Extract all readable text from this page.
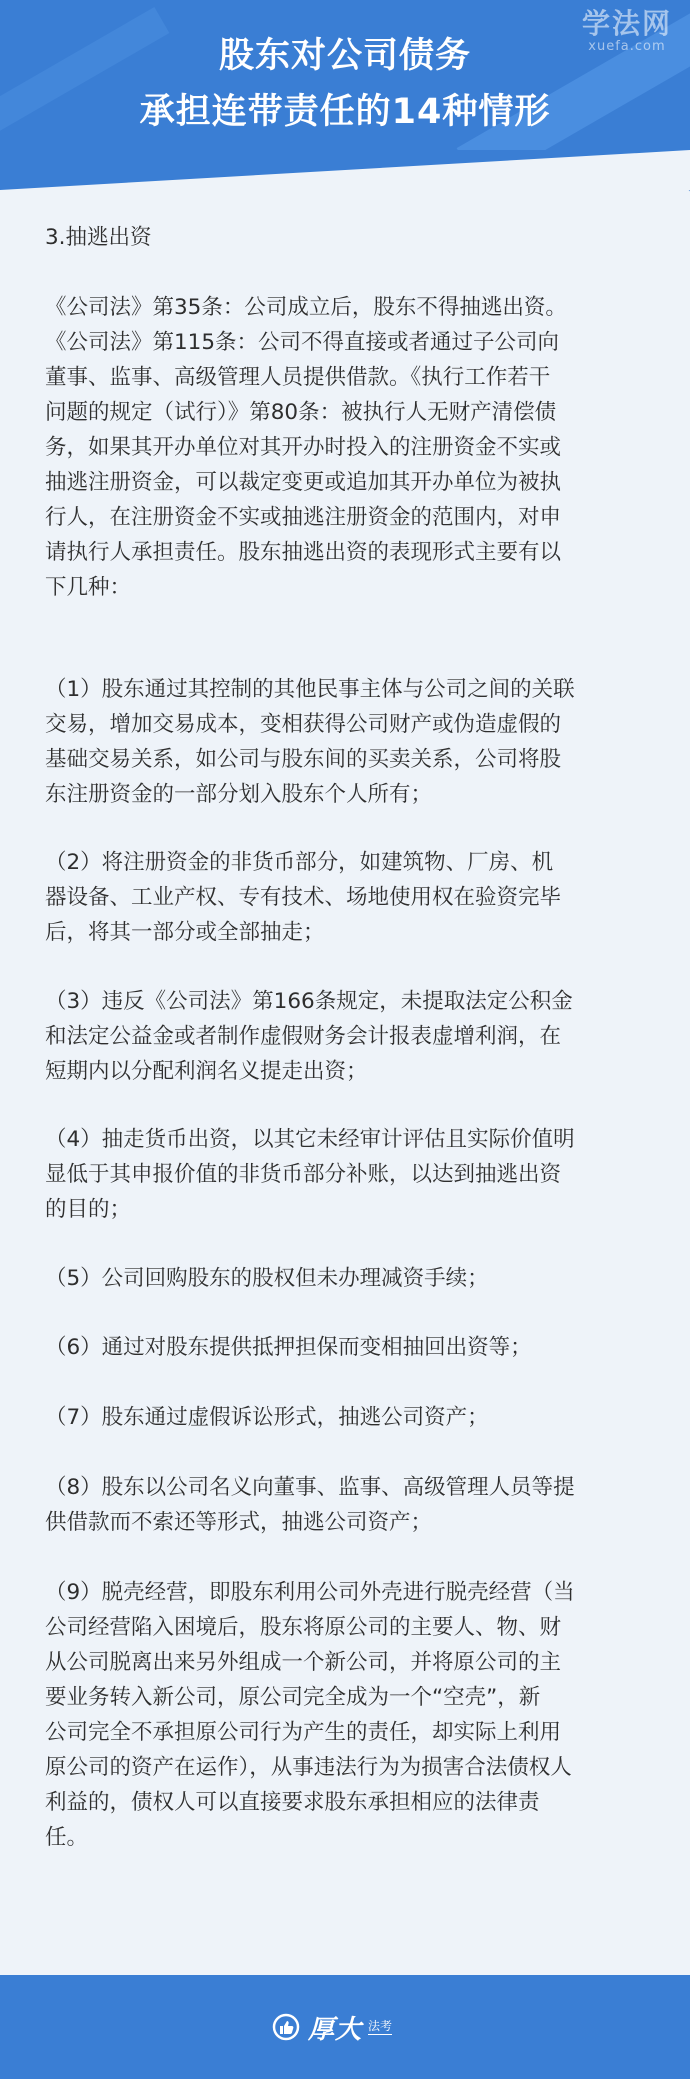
股东对公司债务
承担连带责任的14种情形
学法网
xuefa.com

3.抽逃出资

《公司法》第35条：公司成立后，股东不得抽逃出资。
《公司法》第115条：公司不得直接或者通过子公司向
董事、监事、高级管理人员提供借款。《执行工作若干
问题的规定（试行）》第80条：被执行人无财产清偿债
务，如果其开办单位对其开办时投入的注册资金不实或
抽逃注册资金，可以裁定变更或追加其开办单位为被执
行人，在注册资金不实或抽逃注册资金的范围内，对申
请执行人承担责任。股东抽逃出资的表现形式主要有以
下几种：

（1）股东通过其控制的其他民事主体与公司之间的关联
交易，增加交易成本，变相获得公司财产或伪造虚假的
基础交易关系，如公司与股东间的买卖关系，公司将股
东注册资金的一部分划入股东个人所有；

（2）将注册资金的非货币部分，如建筑物、厂房、机
器设备、工业产权、专有技术、场地使用权在验资完毕
后，将其一部分或全部抽走；

（3）违反《公司法》第166条规定，未提取法定公积金
和法定公益金或者制作虚假财务会计报表虚增利润，在
短期内以分配利润名义提走出资；

（4）抽走货币出资，以其它未经审计评估且实际价值明
显低于其申报价值的非货币部分补账，以达到抽逃出资
的目的；

（5）公司回购股东的股权但未办理减资手续；

（6）通过对股东提供抵押担保而变相抽回出资等；

（7）股东通过虚假诉讼形式，抽逃公司资产；

（8）股东以公司名义向董事、监事、高级管理人员等提
供借款而不索还等形式，抽逃公司资产；

（9）脱壳经营，即股东利用公司外壳进行脱壳经营（当
公司经营陷入困境后，股东将原公司的主要人、物、财
从公司脱离出来另外组成一个新公司，并将原公司的主
要业务转入新公司，原公司完全成为一个“空壳”，新
公司完全不承担原公司行为产生的责任，却实际上利用
原公司的资产在运作），从事违法行为为损害合法债权人
利益的，债权人可以直接要求股东承担相应的法律责
任。

厚大 法考
